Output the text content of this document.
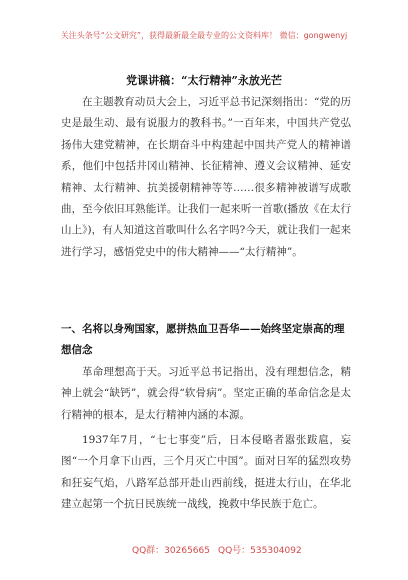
关注头条号“公文研究”，获得最新最全最专业的公文资料库！ 微信：gongwenyj
党课讲稿：“太行精神”永放光芒

在主题教育动员大会上，习近平总书记深刻指出：“党的历史是最生动、最有说服力的教科书。”一百年来，中国共产党弘扬伟大建党精神，在长期奋斗中构建起中国共产党人的精神谱系，他们中包括井冈山精神、长征精神、遵义会议精神、延安精神、太行精神、抗美援朝精神等等……很多精神被谱写成歌曲，至今依旧耳熟能详。让我们一起来听一首歌(播放《在太行山上》)，有人知道这首歌叫什么名字吗?今天，就让我们一起来进行学习，感悟党史中的伟大精神——“太行精神”。

一、名将以身殉国家，愿拼热血卫吾华——始终坚定崇高的理想信念

革命理想高于天。习近平总书记指出，没有理想信念，精神上就会“缺钙”，就会得“软骨病”。坚定正确的革命信念是太行精神的根本，是太行精神内涵的本源。

1937年7月，“七七事变”后，日本侵略者嚣张跋扈，妄图“一个月拿下山西，三个月灭亡中国”。面对日军的猛烈攻势和狂妄气焰，八路军总部开赴山西前线，挺进太行山，在华北建立起第一个抗日民族统一战线，挽救中华民族于危亡。

QQ群：30265665 QQ号：535304092
